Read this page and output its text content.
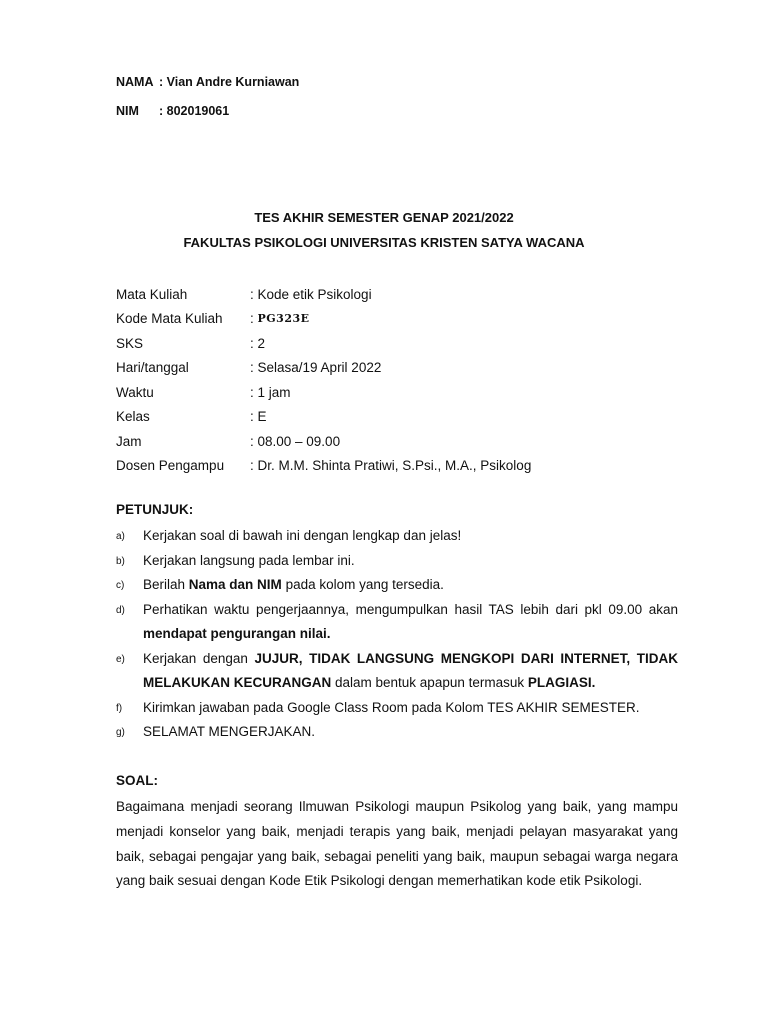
NAMA : Vian Andre Kurniawan
NIM : 802019061
TES AKHIR SEMESTER GENAP 2021/2022
FAKULTAS PSIKOLOGI UNIVERSITAS KRISTEN SATYA WACANA
Mata Kuliah	: Kode etik Psikologi
Kode Mata Kuliah	: PG323E
SKS	: 2
Hari/tanggal	: Selasa/19 April 2022
Waktu	: 1 jam
Kelas	: E
Jam	: 08.00 – 09.00
Dosen Pengampu	: Dr. M.M. Shinta Pratiwi, S.Psi., M.A., Psikolog
PETUNJUK:
a) Kerjakan soal di bawah ini dengan lengkap dan jelas!
b) Kerjakan langsung pada lembar ini.
c) Berilah Nama dan NIM pada kolom yang tersedia.
d) Perhatikan waktu pengerjaannya, mengumpulkan hasil TAS lebih dari pkl 09.00 akan mendapat pengurangan nilai.
e) Kerjakan dengan JUJUR, TIDAK LANGSUNG MENGKOPI DARI INTERNET, TIDAK MELAKUKAN KECURANGAN dalam bentuk apapun termasuk PLAGIASI.
f) Kirimkan jawaban pada Google Class Room pada Kolom TES AKHIR SEMESTER.
g) SELAMAT MENGERJAKAN.
SOAL:
Bagaimana menjadi seorang Ilmuwan Psikologi maupun Psikolog yang baik, yang mampu menjadi konselor yang baik, menjadi terapis yang baik, menjadi pelayan masyarakat yang baik, sebagai pengajar yang baik, sebagai peneliti yang baik, maupun sebagai warga negara yang baik sesuai dengan Kode Etik Psikologi dengan memerhatikan kode etik Psikologi.
